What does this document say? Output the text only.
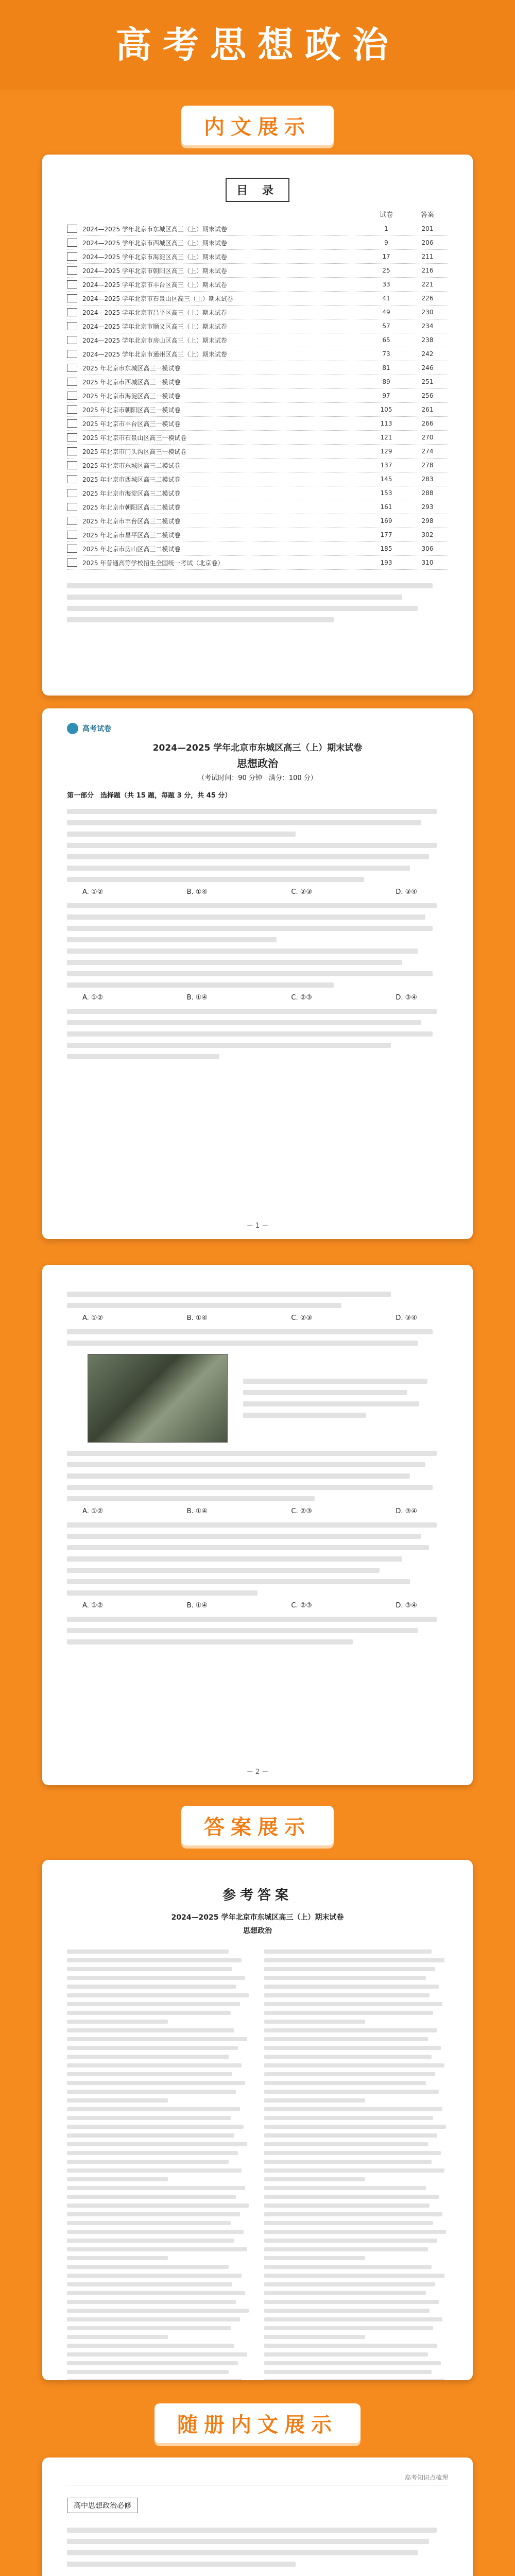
高考思想政治

内文展示
目 录
试卷	答案
2024—2025 学年北京市东城区高三（上）期末试卷	1	201
2024—2025 学年北京市西城区高三（上）期末试卷	9	206
2024—2025 学年北京市海淀区高三（上）期末试卷	17	211
2024—2025 学年北京市朝阳区高三（上）期末试卷	25	216
2024—2025 学年北京市丰台区高三（上）期末试卷	33	221
2024—2025 学年北京市石景山区高三（上）期末试卷	41	226
2024—2025 学年北京市昌平区高三（上）期末试卷	49	230
2024—2025 学年北京市顺义区高三（上）期末试卷	57	234
2024—2025 学年北京市房山区高三（上）期末试卷	65	238
2024—2025 学年北京市通州区高三（上）期末试卷	73	242
2025 年北京市东城区高三一模试卷	81	246
2025 年北京市西城区高三一模试卷	89	251
2025 年北京市海淀区高三一模试卷	97	256
2025 年北京市朝阳区高三一模试卷	105	261
2025 年北京市丰台区高三一模试卷	113	266
2025 年北京市石景山区高三一模试卷	121	270
2025 年北京市门头沟区高三一模试卷	129	274
2025 年北京市东城区高三二模试卷	137	278
2025 年北京市西城区高三二模试卷	145	283
2025 年北京市海淀区高三二模试卷	153	288
2025 年北京市朝阳区高三二模试卷	161	293
2025 年北京市丰台区高三二模试卷	169	298
2025 年北京市昌平区高三二模试卷	177	302
2025 年北京市房山区高三二模试卷	185	306
2025 年普通高等学校招生全国统一考试（北京卷）	193	310
高考试卷
2024—2025 学年北京市东城区高三（上）期末试卷
思想政治
（考试时间：90 分钟　满分：100 分）
第一部分　选择题（共 15 题，每题 3 分，共 45 分）
A. ①②	B. ①④	C. ②③	D. ③④
A. ①②	B. ①④	C. ②③	D. ③④
－ 1 －
A. ①②	B. ①④	C. ②③	D. ③④
A. ①②	B. ①④	C. ②③	D. ③④
A. ①②	B. ①④	C. ②③	D. ③④
－ 2 －
答案展示
参考答案
2024—2025 学年北京市东城区高三（上）期末试卷
思想政治
随册内文展示
高考知识点梳理
高中思想政治必修
